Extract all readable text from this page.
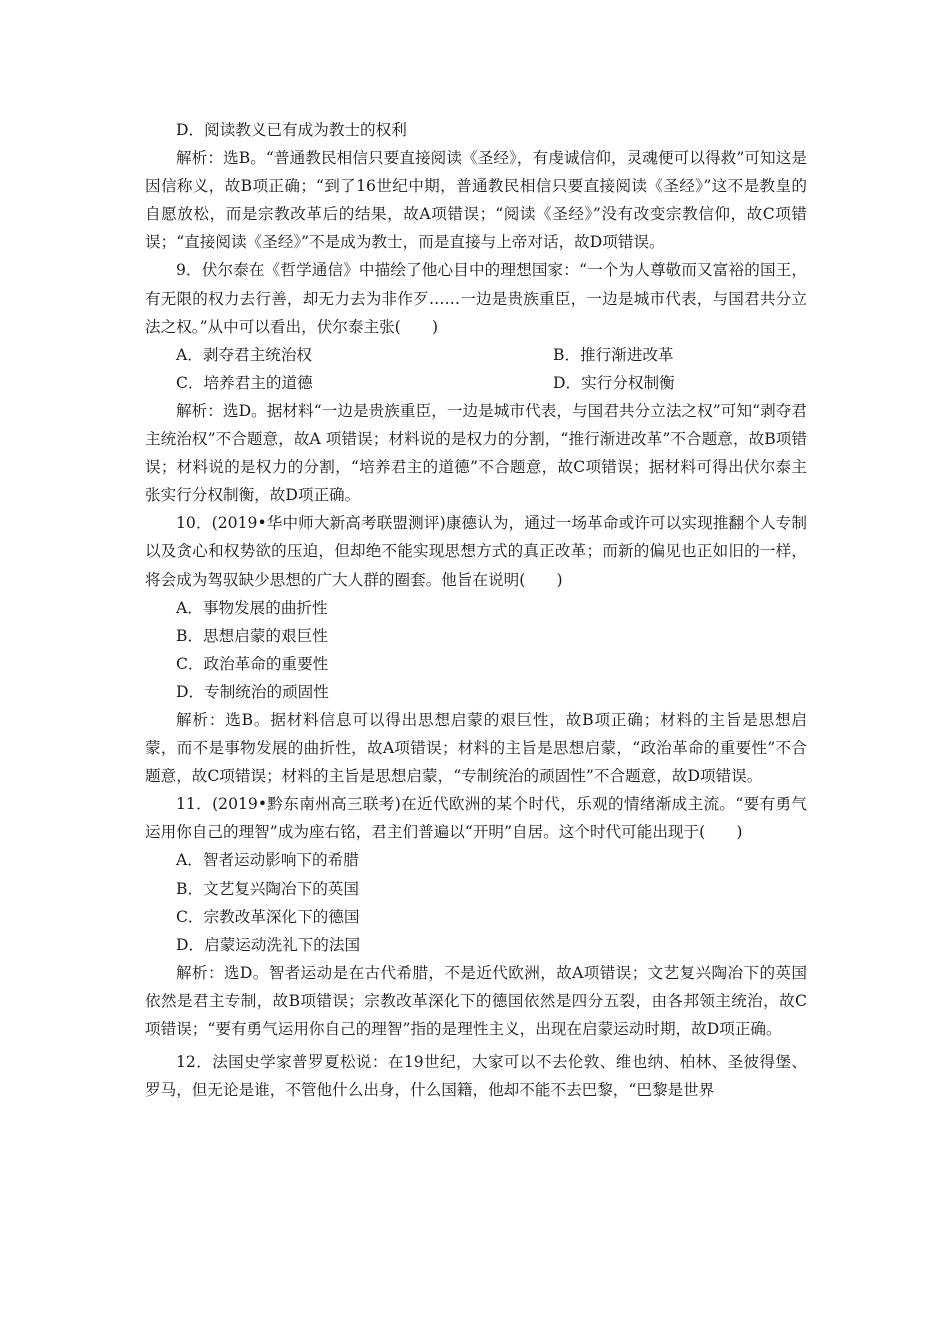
D．阅读教义已有成为教士的权利

解析：选B。“普通教民相信只要直接阅读《圣经》，有虔诚信仰，灵魂便可以得救”可知这是因信称义，故B项正确；“到了16世纪中期，普通教民相信只要直接阅读《圣经》”这不是教皇的自愿放松，而是宗教改革后的结果，故A项错误；“阅读《圣经》”没有改变宗教信仰，故C项错误；“直接阅读《圣经》”不是成为教士，而是直接与上帝对话，故D项错误。

9．伏尔泰在《哲学通信》中描绘了他心目中的理想国家：“一个为人尊敬而又富裕的国王，有无限的权力去行善，却无力去为非作歹……一边是贵族重臣，一边是城市代表，与国君共分立法之权。”从中可以看出，伏尔泰主张(　　)

A．剥夺君主统治权	B．推行渐进改革
C．培养君主的道德	D．实行分权制衡

解析：选D。据材料“一边是贵族重臣，一边是城市代表，与国君共分立法之权”可知“剥夺君主统治权”不合题意，故A 项错误；材料说的是权力的分割，“推行渐进改革”不合题意，故B项错误；材料说的是权力的分割，“培养君主的道德”不合题意，故C项错误；据材料可得出伏尔泰主张实行分权制衡，故D项正确。

10．(2019•华中师大新高考联盟测评)康德认为，通过一场革命或许可以实现推翻个人专制以及贪心和权势欲的压迫，但却绝不能实现思想方式的真正改革；而新的偏见也正如旧的一样，将会成为驾驭缺少思想的广大人群的圈套。他旨在说明(　　)

A．事物发展的曲折性

B．思想启蒙的艰巨性

C．政治革命的重要性

D．专制统治的顽固性

解析：选B。据材料信息可以得出思想启蒙的艰巨性，故B项正确；材料的主旨是思想启蒙，而不是事物发展的曲折性，故A项错误；材料的主旨是思想启蒙，“政治革命的重要性”不合题意，故C项错误；材料的主旨是思想启蒙，“专制统治的顽固性”不合题意，故D项错误。

11．(2019•黔东南州高三联考)在近代欧洲的某个时代，乐观的情绪渐成主流。“要有勇气运用你自己的理智”成为座右铭，君主们普遍以“开明”自居。这个时代可能出现于(　　)

A．智者运动影响下的希腊

B．文艺复兴陶冶下的英国

C．宗教改革深化下的德国

D．启蒙运动洗礼下的法国

解析：选D。智者运动是在古代希腊，不是近代欧洲，故A项错误；文艺复兴陶冶下的英国依然是君主专制，故B项错误；宗教改革深化下的德国依然是四分五裂，由各邦领主统治，故C项错误；“要有勇气运用你自己的理智”指的是理性主义，出现在启蒙运动时期，故D项正确。

12．法国史学家普罗夏松说：在19世纪，大家可以不去伦敦、维也纳、柏林、圣彼得堡、罗马，但无论是谁，不管他什么出身，什么国籍，他却不能不去巴黎，“巴黎是世界
